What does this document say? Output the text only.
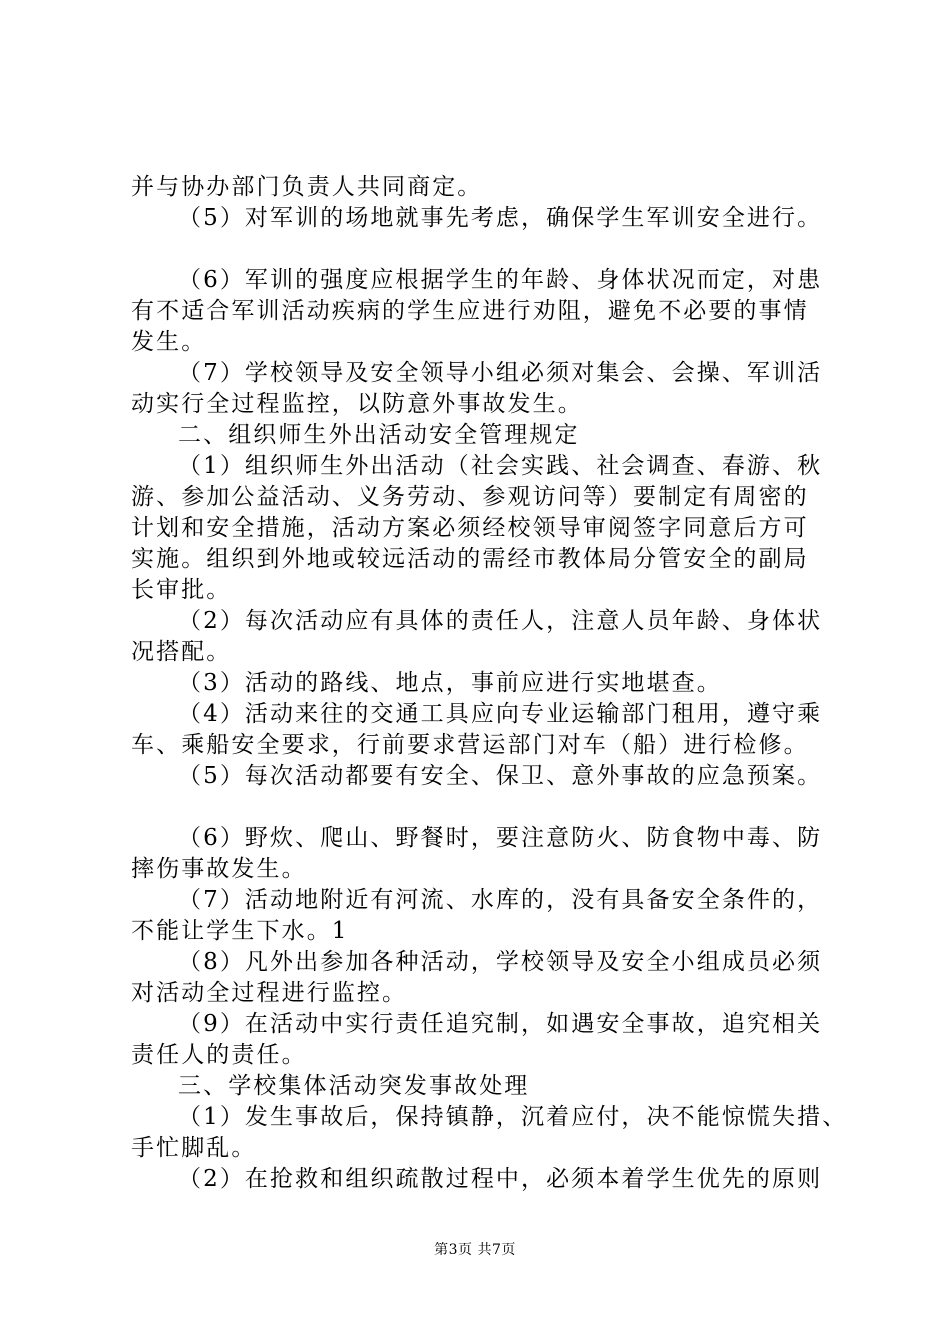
并与协办部门负责人共同商定。
（5）对军训的场地就事先考虑，确保学生军训安全进行。
（6）军训的强度应根据学生的年龄、身体状况而定，对患
有不适合军训活动疾病的学生应进行劝阻，避免不必要的事情
发生。
（7）学校领导及安全领导小组必须对集会、会操、军训活
动实行全过程监控，以防意外事故发生。
二、组织师生外出活动安全管理规定
（1）组织师生外出活动（社会实践、社会调查、春游、秋
游、参加公益活动、义务劳动、参观访问等）要制定有周密的
计划和安全措施，活动方案必须经校领导审阅签字同意后方可
实施。组织到外地或较远活动的需经市教体局分管安全的副局
长审批。
（2）每次活动应有具体的责任人，注意人员年龄、身体状
况搭配。
（3）活动的路线、地点，事前应进行实地堪查。
（4）活动来往的交通工具应向专业运输部门租用，遵守乘
车、乘船安全要求，行前要求营运部门对车（船）进行检修。
（5）每次活动都要有安全、保卫、意外事故的应急预案。
（6）野炊、爬山、野餐时，要注意防火、防食物中毒、防
摔伤事故发生。
（7）活动地附近有河流、水库的，没有具备安全条件的，
不能让学生下水。1
（8）凡外出参加各种活动，学校领导及安全小组成员必须
对活动全过程进行监控。
（9）在活动中实行责任追究制，如遇安全事故，追究相关
责任人的责任。
三、学校集体活动突发事故处理
（1）发生事故后，保持镇静，沉着应付，决不能惊慌失措、
手忙脚乱。
（2）在抢救和组织疏散过程中，必须本着学生优先的原则
第3页 共7页
